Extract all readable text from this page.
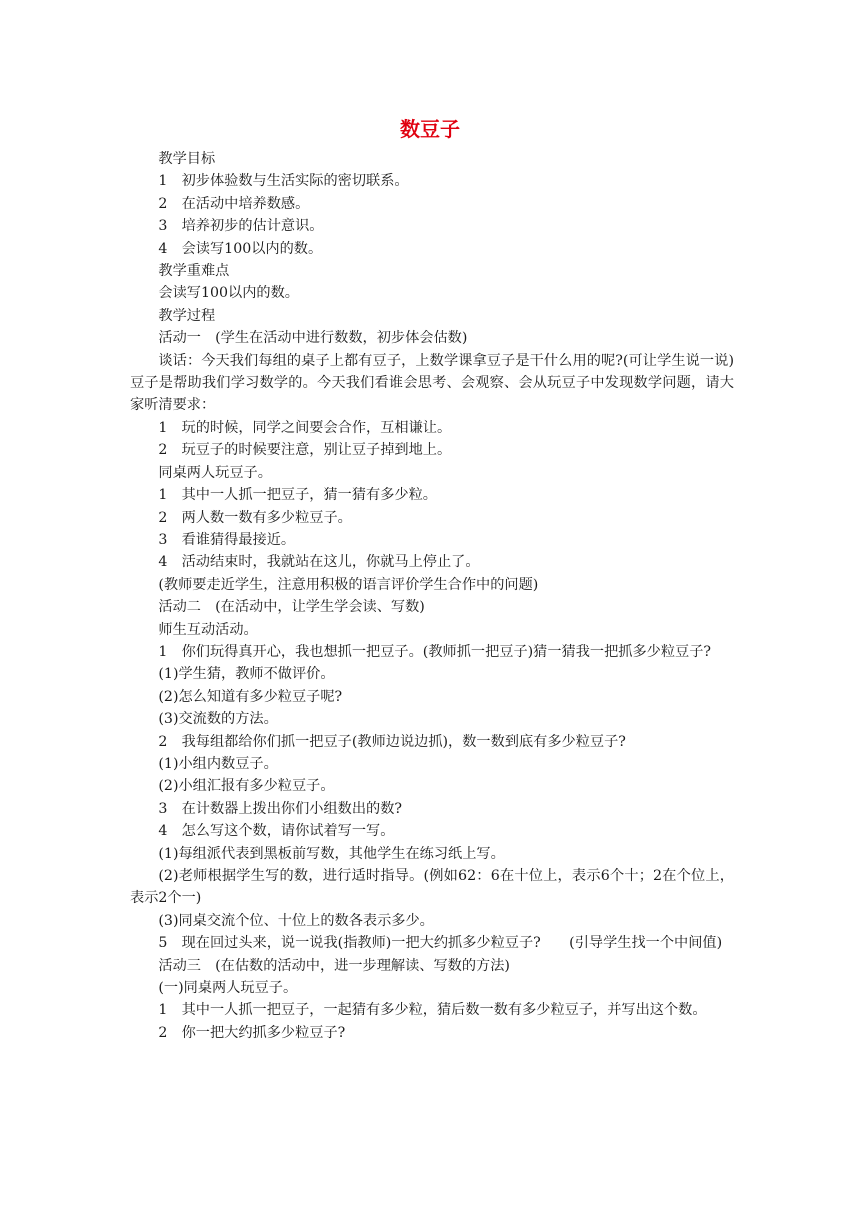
数豆子

教学目标

1　初步体验数与生活实际的密切联系。

2　在活动中培养数感。

3　培养初步的估计意识。

4　会读写100以内的数。

教学重难点

会读写100以内的数。

教学过程

活动一　(学生在活动中进行数数，初步体会估数)

谈话：今天我们每组的桌子上都有豆子，上数学课拿豆子是干什么用的呢?(可让学生说一说)豆子是帮助我们学习数学的。今天我们看谁会思考、会观察、会从玩豆子中发现数学问题，请大家听清要求：

1　玩的时候，同学之间要会合作，互相谦让。

2　玩豆子的时候要注意，别让豆子掉到地上。

同桌两人玩豆子。

1　其中一人抓一把豆子，猜一猜有多少粒。

2　两人数一数有多少粒豆子。

3　看谁猜得最接近。

4　活动结束时，我就站在这儿，你就马上停止了。

(教师要走近学生，注意用积极的语言评价学生合作中的问题)

活动二　(在活动中，让学生学会读、写数)

师生互动活动。

1　你们玩得真开心，我也想抓一把豆子。(教师抓一把豆子)猜一猜我一把抓多少粒豆子?

(1)学生猜，教师不做评价。

(2)怎么知道有多少粒豆子呢?

(3)交流数的方法。

2　我每组都给你们抓一把豆子(教师边说边抓)，数一数到底有多少粒豆子?

(1)小组内数豆子。

(2)小组汇报有多少粒豆子。

3　在计数器上拨出你们小组数出的数?

4　怎么写这个数，请你试着写一写。

(1)每组派代表到黑板前写数，其他学生在练习纸上写。

(2)老师根据学生写的数，进行适时指导。(例如62：6在十位上，表示6个十；2在个位上，表示2个一)

(3)同桌交流个位、十位上的数各表示多少。

5　现在回过头来，说一说我(指教师)一把大约抓多少粒豆子?　　(引导学生找一个中间值)

活动三　(在估数的活动中，进一步理解读、写数的方法)

(一)同桌两人玩豆子。

1　其中一人抓一把豆子，一起猜有多少粒，猜后数一数有多少粒豆子，并写出这个数。

2　你一把大约抓多少粒豆子?
